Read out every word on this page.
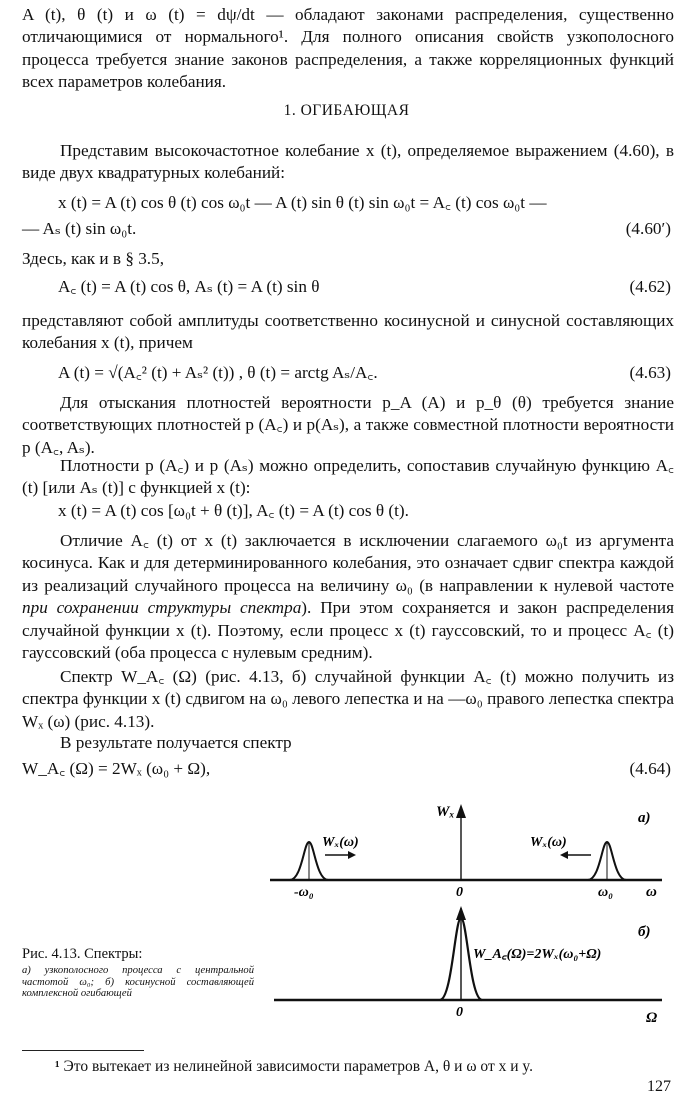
A (t), θ (t) и ω (t) = dψ/dt — обладают законами распределения, существенно отличающимися от нормального¹. Для полного описания свойств узкополосного процесса требуется знание законов распределения, а также корреляционных функций всех параметров колебания.

1. ОГИБАЮЩАЯ

Представим высокочастотное колебание x (t), определяемое выражением (4.60), в виде двух квадратурных колебаний:

x (t) = A (t) cos θ (t) cos ω₀t — A (t) sin θ (t) sin ω₀t = A꜀ (t) cos ω₀t —
— Aₛ (t) sin ω₀t.	(4.60′)
Здесь, как и в § 3.5,
A꜀ (t) = A (t) cos θ, Aₛ (t) = A (t) sin θ	(4.62)

представляют собой амплитуды соответственно косинусной и синусной составляющих колебания x (t), причем

A (t) = √(A꜀² (t) + Aₛ² (t)) , θ (t) = arctg Aₛ/A꜀.	(4.63)

Для отыскания плотностей вероятности p_A (A) и p_θ (θ) требуется знание соответствующих плотностей p (A꜀) и p(Aₛ), а также совместной плотности вероятности p (A꜀, Aₛ).

Плотности p (A꜀) и p (Aₛ) можно определить, сопоставив случайную функцию A꜀ (t) [или Aₛ (t)] с функцией x (t):

x (t) = A (t) cos [ω₀t + θ (t)], A꜀ (t) = A (t) cos θ (t).

Отличие A꜀ (t) от x (t) заключается в исключении слагаемого ω₀t из аргумента косинуса. Как и для детерминированного колебания, это означает сдвиг спектра каждой из реализаций случайного процесса на величину ω₀ (в направлении к нулевой частоте при сохранении структуры спектра). При этом сохраняется и закон распределения случайной функции x (t). Поэтому, если процесс x (t) гауссовский, то и процесс A꜀ (t) гауссовский (оба процесса с нулевым средним).

Спектр W_A꜀ (Ω) (рис. 4.13, б) случайной функции A꜀ (t) можно получить из спектра функции x (t) сдвигом на ω₀ левого лепестка и на —ω₀ правого лепестка спектра Wₓ (ω) (рис. 4.13).

В результате получается спектр
W_A꜀ (Ω) = 2Wₓ (ω₀ + Ω),	(4.64)
Wₓ	а)
Wₓ(ω)	Wₓ(ω)
-ω₀	0	ω₀ ω
б)
W_A꜀(Ω)=2Wₓ(ω₀+Ω)
0	Ω
Рис. 4.13. Спектры:
а) узкополосного процесса с центральной частотой ω₀; б) косинусной составляющей комплексной огибающей
¹ Это вытекает из нелинейной зависимости параметров A, θ и ω от x и y.
127
